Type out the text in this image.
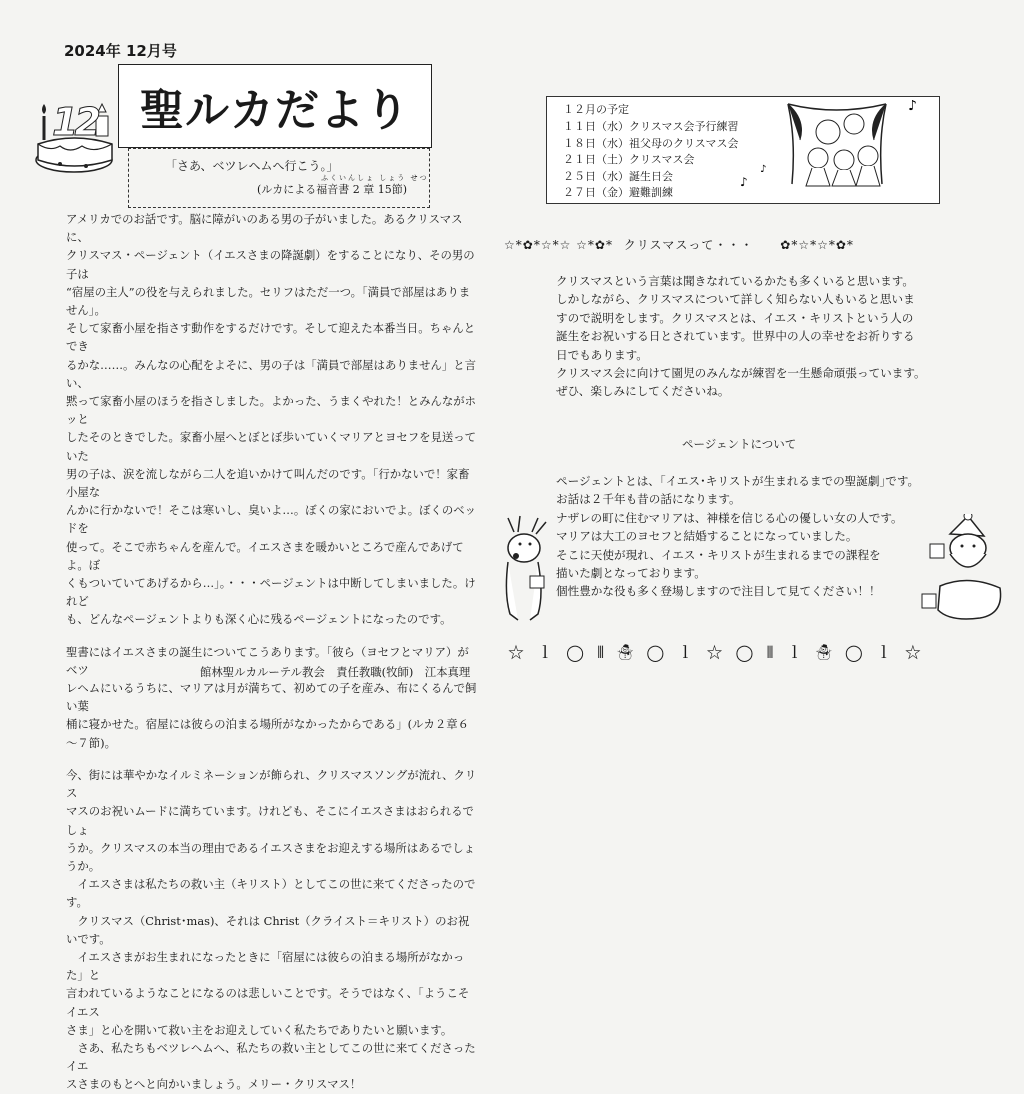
2024年 12月号
12 聖ルカだより
「さあ、ベツレヘムへ行こう。」
ふくいんしょ しょう せつ
(ルカによる福音書 2 章 15節)

アメリカでのお話です。脳に障がいのある男の子がいました。あるクリスマスに、
クリスマス・ページェント（イエスさまの降誕劇）をすることになり、その男の子は
“宿屋の主人”の役を与えられました。セリフはただ一つ。｢満員で部屋はありません｣。
そして家畜小屋を指さす動作をするだけです。そして迎えた本番当日。ちゃんとでき
るかな……。みんなの心配をよそに、男の子は「満員で部屋はありません」と言い、
黙って家畜小屋のほうを指さしました。よかった、うまくやれた！とみんながホッと
したそのときでした。家畜小屋へとぼとぼ歩いていくマリアとヨセフを見送っていた
男の子は、涙を流しながら二人を追いかけて叫んだのです。｢行かないで！家畜小屋な
んかに行かないで！そこは寒いし、臭いよ…。ぼくの家においでよ。ぼくのベッドを
使って。そこで赤ちゃんを産んで。イエスさまを暖かいところで産んであげてよ。ぼ
くもついていてあげるから…｣。・・・ページェントは中断してしまいました。けれど
も、どんなページェントよりも深く心に残るページェントになったのです。

聖書にはイエスさまの誕生についてこうあります。「彼ら（ヨセフとマリア）がベツ
レヘムにいるうちに、マリアは月が満ちて、初めての子を産み、布にくるんで飼い葉
桶に寝かせた。宿屋には彼らの泊まる場所がなかったからである」(ルカ２章６～７節)。

今、街には華やかなイルミネーションが飾られ、クリスマスソングが流れ、クリス
マスのお祝いムードに満ちています。けれども、そこにイエスさまはおられるでしょ
うか。クリスマスの本当の理由であるイエスさまをお迎えする場所はあるでしょうか。
　イエスさまは私たちの救い主（キリスト）としてこの世に来てくださったのです。
　クリスマス（Christ･mas)、それは Christ（クライスト＝キリスト）のお祝いです。
　イエスさまがお生まれになったときに「宿屋には彼らの泊まる場所がなかった」と
言われているようなことになるのは悲しいことです。そうではなく、「ようこそイエス
さま」と心を開いて救い主をお迎えしていく私たちでありたいと願います。
　さあ、私たちもベツレヘムへ、私たちの救い主としてこの世に来てくださったイエ
スさまのもとへと向かいましょう。メリー・クリスマス！

館林聖ルカルーテル教会　責任教職(牧師)　江本真理
１２月の予定
１１日（水）クリスマス会予行練習
１８日（水）祖父母のクリスマス会
２１日（土）クリスマス会
２５日（水）誕生日会
２７日（金）避難訓練
♪
♪
♪
☆*✿*☆*☆ ☆*✿* クリスマスって・・・ ✿*☆*☆*✿*
クリスマスという言葉は聞きなれているかたも多くいると思います。
しかしながら、クリスマスについて詳しく知らない人もいると思いま
すので説明をします。クリスマスとは、イエス・キリストという人の
誕生をお祝いする日とされています。世界中の人の幸せをお祈りする
日でもあります。
クリスマス会に向けて園児のみんなが練習を一生懸命頑張っています。
ぜひ、楽しみにしてくださいね。
ページェントについて
ページェントとは、｢イエス･キリストが生まれるまでの聖誕劇｣です。
お話は２千年も昔の話になります。
ナザレの町に住むマリアは、神様を信じる心の優しい女の人です。
マリアは大工のヨセフと結婚することになっていました。
そこに天使が現れ、イエス・キリストが生まれるまでの課程を
描いた劇となっております。
個性豊かな役も多く登場しますので注目して見てください！！
☆ ｌ ◯ ⦀ ☃ ◯ ｌ ☆ ◯ ⦀ ｌ ☃ ◯ ｌ ☆
